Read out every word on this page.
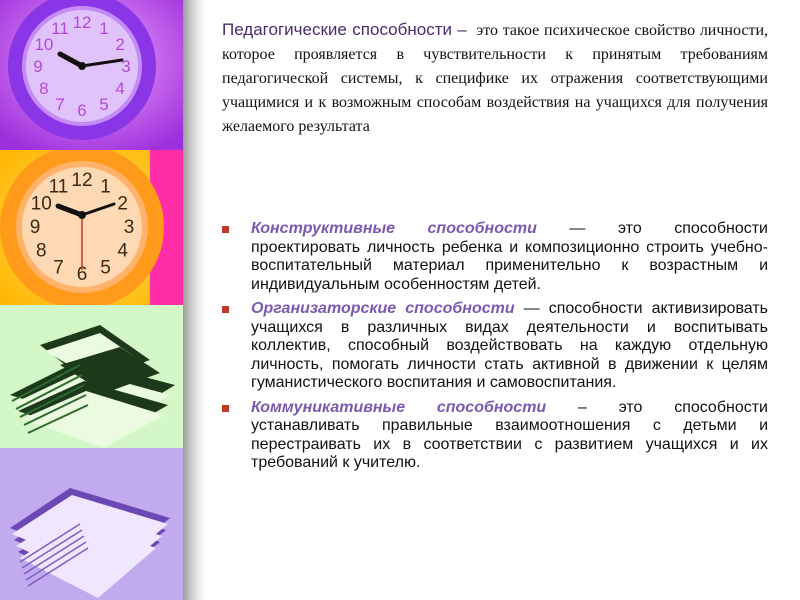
12 1
2
3
4
5
6
7
8
9
10
11
12 1
2
3
4
5
6
7
8
9
10
11

Педагогические способности – это такое психическое свойство личности, которое проявляется в чувствительности к принятым требованиям педагогической системы, к специфике их отражения соответствующими учащимися и к возможным способам воздействия на учащихся для получения желаемого результата

Конструктивные способности — это способности проектировать личность ребенка и композиционно строить учебно-воспитательный материал применительно к возрастным и индивидуальным особенностям детей.
Организаторские способности — способности активизировать учащихся в различных видах деятельности и воспитывать коллектив, способный воздействовать на каждую отдельную личность, помогать личности стать активной в движении к целям гуманистического воспитания и самовоспитания.
Коммуникативные способности – это способности устанавливать правильные взаимоотношения с детьми и перестраивать их в соответствии с развитием учащихся и их требований к учителю.
